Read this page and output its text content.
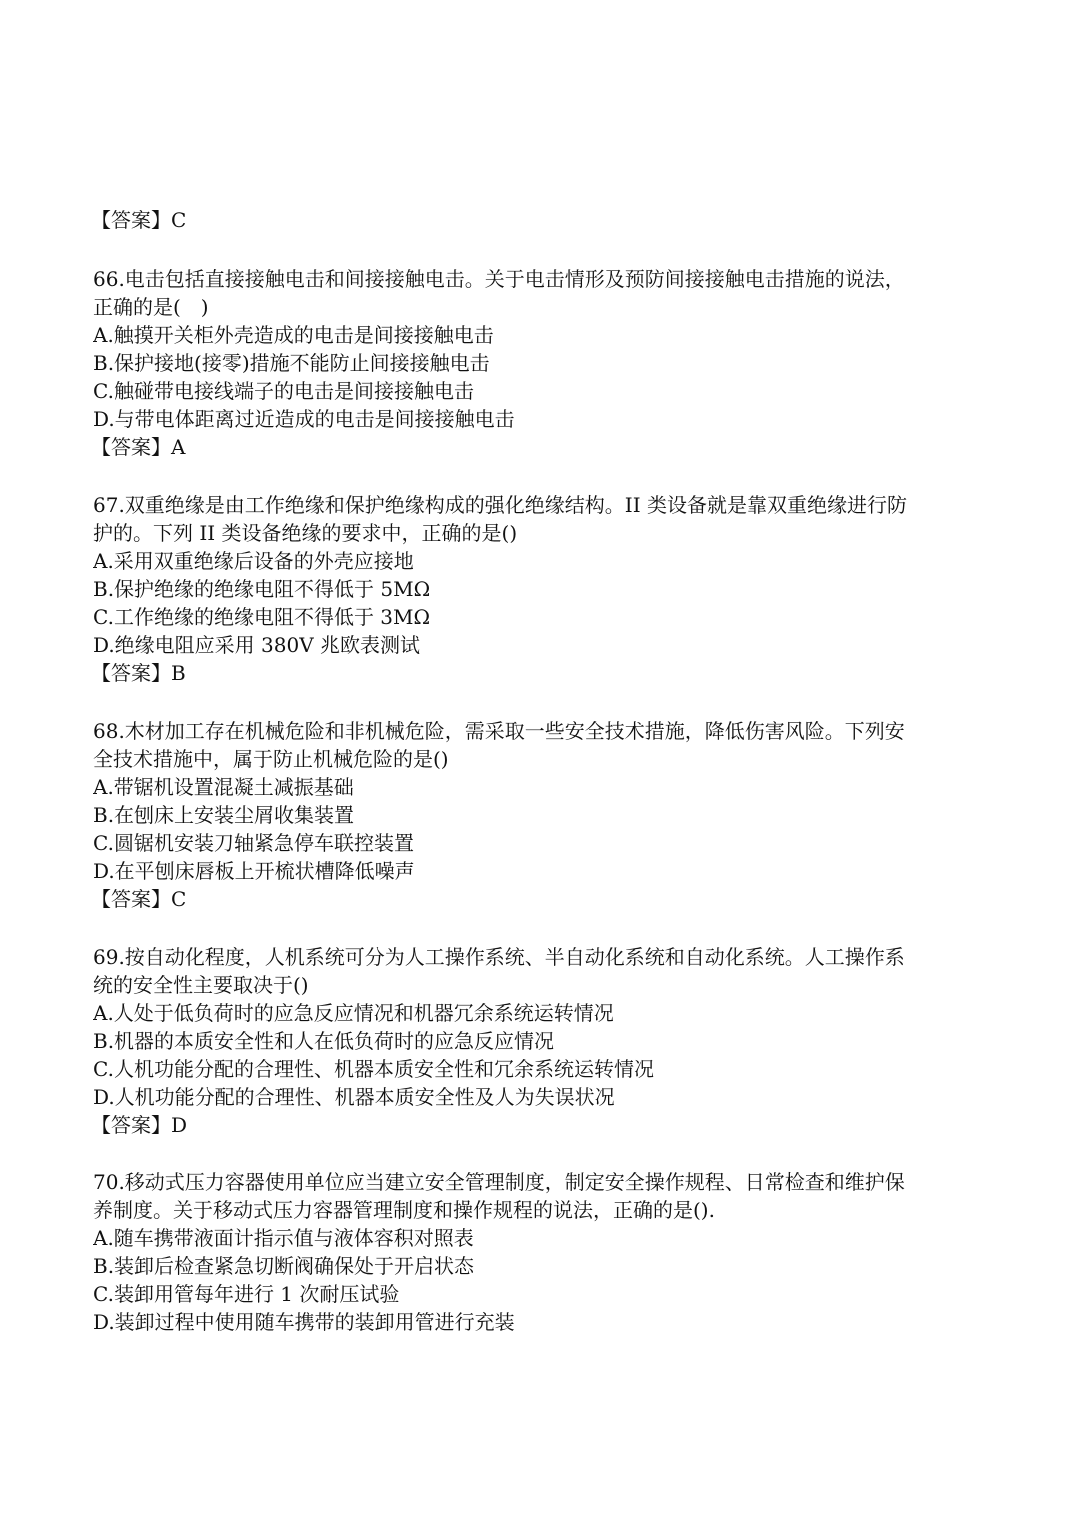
【答案】C
66.电击包括直接接触电击和间接接触电击。关于电击情形及预防间接接触电击措施的说法，
正确的是(　)
A.触摸开关柜外壳造成的电击是间接接触电击
B.保护接地(接零)措施不能防止间接接触电击
C.触碰带电接线端子的电击是间接接触电击
D.与带电体距离过近造成的电击是间接接触电击
【答案】A
67.双重绝缘是由工作绝缘和保护绝缘构成的强化绝缘结构。II 类设备就是靠双重绝缘进行防
护的。下列 II 类设备绝缘的要求中，正确的是()
A.采用双重绝缘后设备的外壳应接地
B.保护绝缘的绝缘电阻不得低于 5MΩ
C.工作绝缘的绝缘电阻不得低于 3MΩ
D.绝缘电阻应采用 380V 兆欧表测试
【答案】B
68.木材加工存在机械危险和非机械危险，需采取一些安全技术措施，降低伤害风险。下列安
全技术措施中，属于防止机械危险的是()
A.带锯机设置混凝土减振基础
B.在刨床上安装尘屑收集装置
C.圆锯机安装刀轴紧急停车联控装置
D.在平刨床唇板上开梳状槽降低噪声
【答案】C
69.按自动化程度，人机系统可分为人工操作系统、半自动化系统和自动化系统。人工操作系
统的安全性主要取决于()
A.人处于低负荷时的应急反应情况和机器冗余系统运转情况
B.机器的本质安全性和人在低负荷时的应急反应情况
C.人机功能分配的合理性、机器本质安全性和冗余系统运转情况
D.人机功能分配的合理性、机器本质安全性及人为失误状况
【答案】D
70.移动式压力容器使用单位应当建立安全管理制度，制定安全操作规程、日常检查和维护保
养制度。关于移动式压力容器管理制度和操作规程的说法，正确的是().
A.随车携带液面计指示值与液体容积对照表
B.装卸后检查紧急切断阀确保处于开启状态
C.装卸用管每年进行 1 次耐压试验
D.装卸过程中使用随车携带的装卸用管进行充装
